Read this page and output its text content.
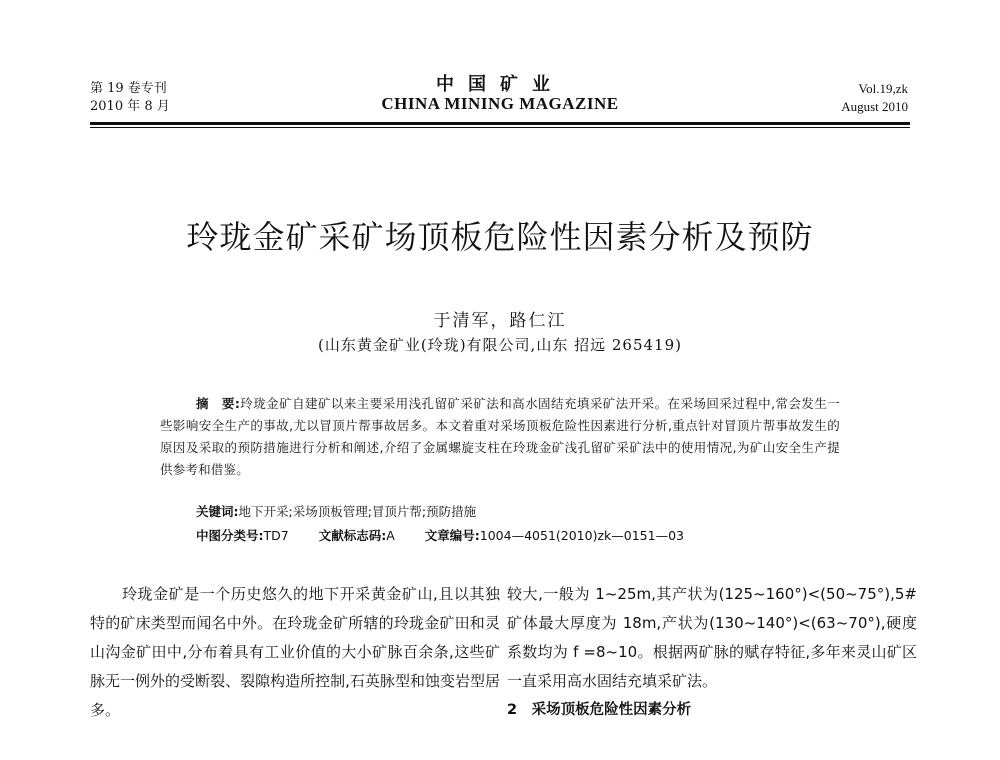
第 19 卷专刊
2010 年 8 月
中国矿业
CHINA MINING MAGAZINE
Vol.19,zk
August 2010
玲珑金矿采矿场顶板危险性因素分析及预防
于清军，路仁江
(山东黄金矿业(玲珑)有限公司,山东 招远 265419)

摘　要:玲珑金矿自建矿以来主要采用浅孔留矿采矿法和高水固结充填采矿法开采。在采场回采过程中,常会发生一些影响安全生产的事故,尤以冒顶片帮事故居多。本文着重对采场顶板危险性因素进行分析,重点针对冒顶片帮事故发生的原因及采取的预防措施进行分析和阐述,介绍了金属螺旋支柱在玲珑金矿浅孔留矿采矿法中的使用情况,为矿山安全生产提供参考和借鉴。

关键词:地下开采;采场顶板管理;冒顶片帮;预防措施
中图分类号:TD7 文献标志码:A 文章编号:1004—4051(2010)zk—0151—03

玲珑金矿是一个历史悠久的地下开采黄金矿山,且以其独特的矿床类型而闻名中外。在玲珑金矿所辖的玲珑金矿田和灵山沟金矿田中,分布着具有工业价值的大小矿脉百余条,这些矿脉无一例外的受断裂、裂隙构造所控制,石英脉型和蚀变岩型居多。

较大,一般为 1~25m,其产状为(125~160°)<(50~75°),5# 矿体最大厚度为 18m,产状为(130~140°)<(63~70°),硬度系数均为 f =8~10。根据两矿脉的赋存特征,多年来灵山矿区一直采用高水固结充填采矿法。

2　采场顶板危险性因素分析
